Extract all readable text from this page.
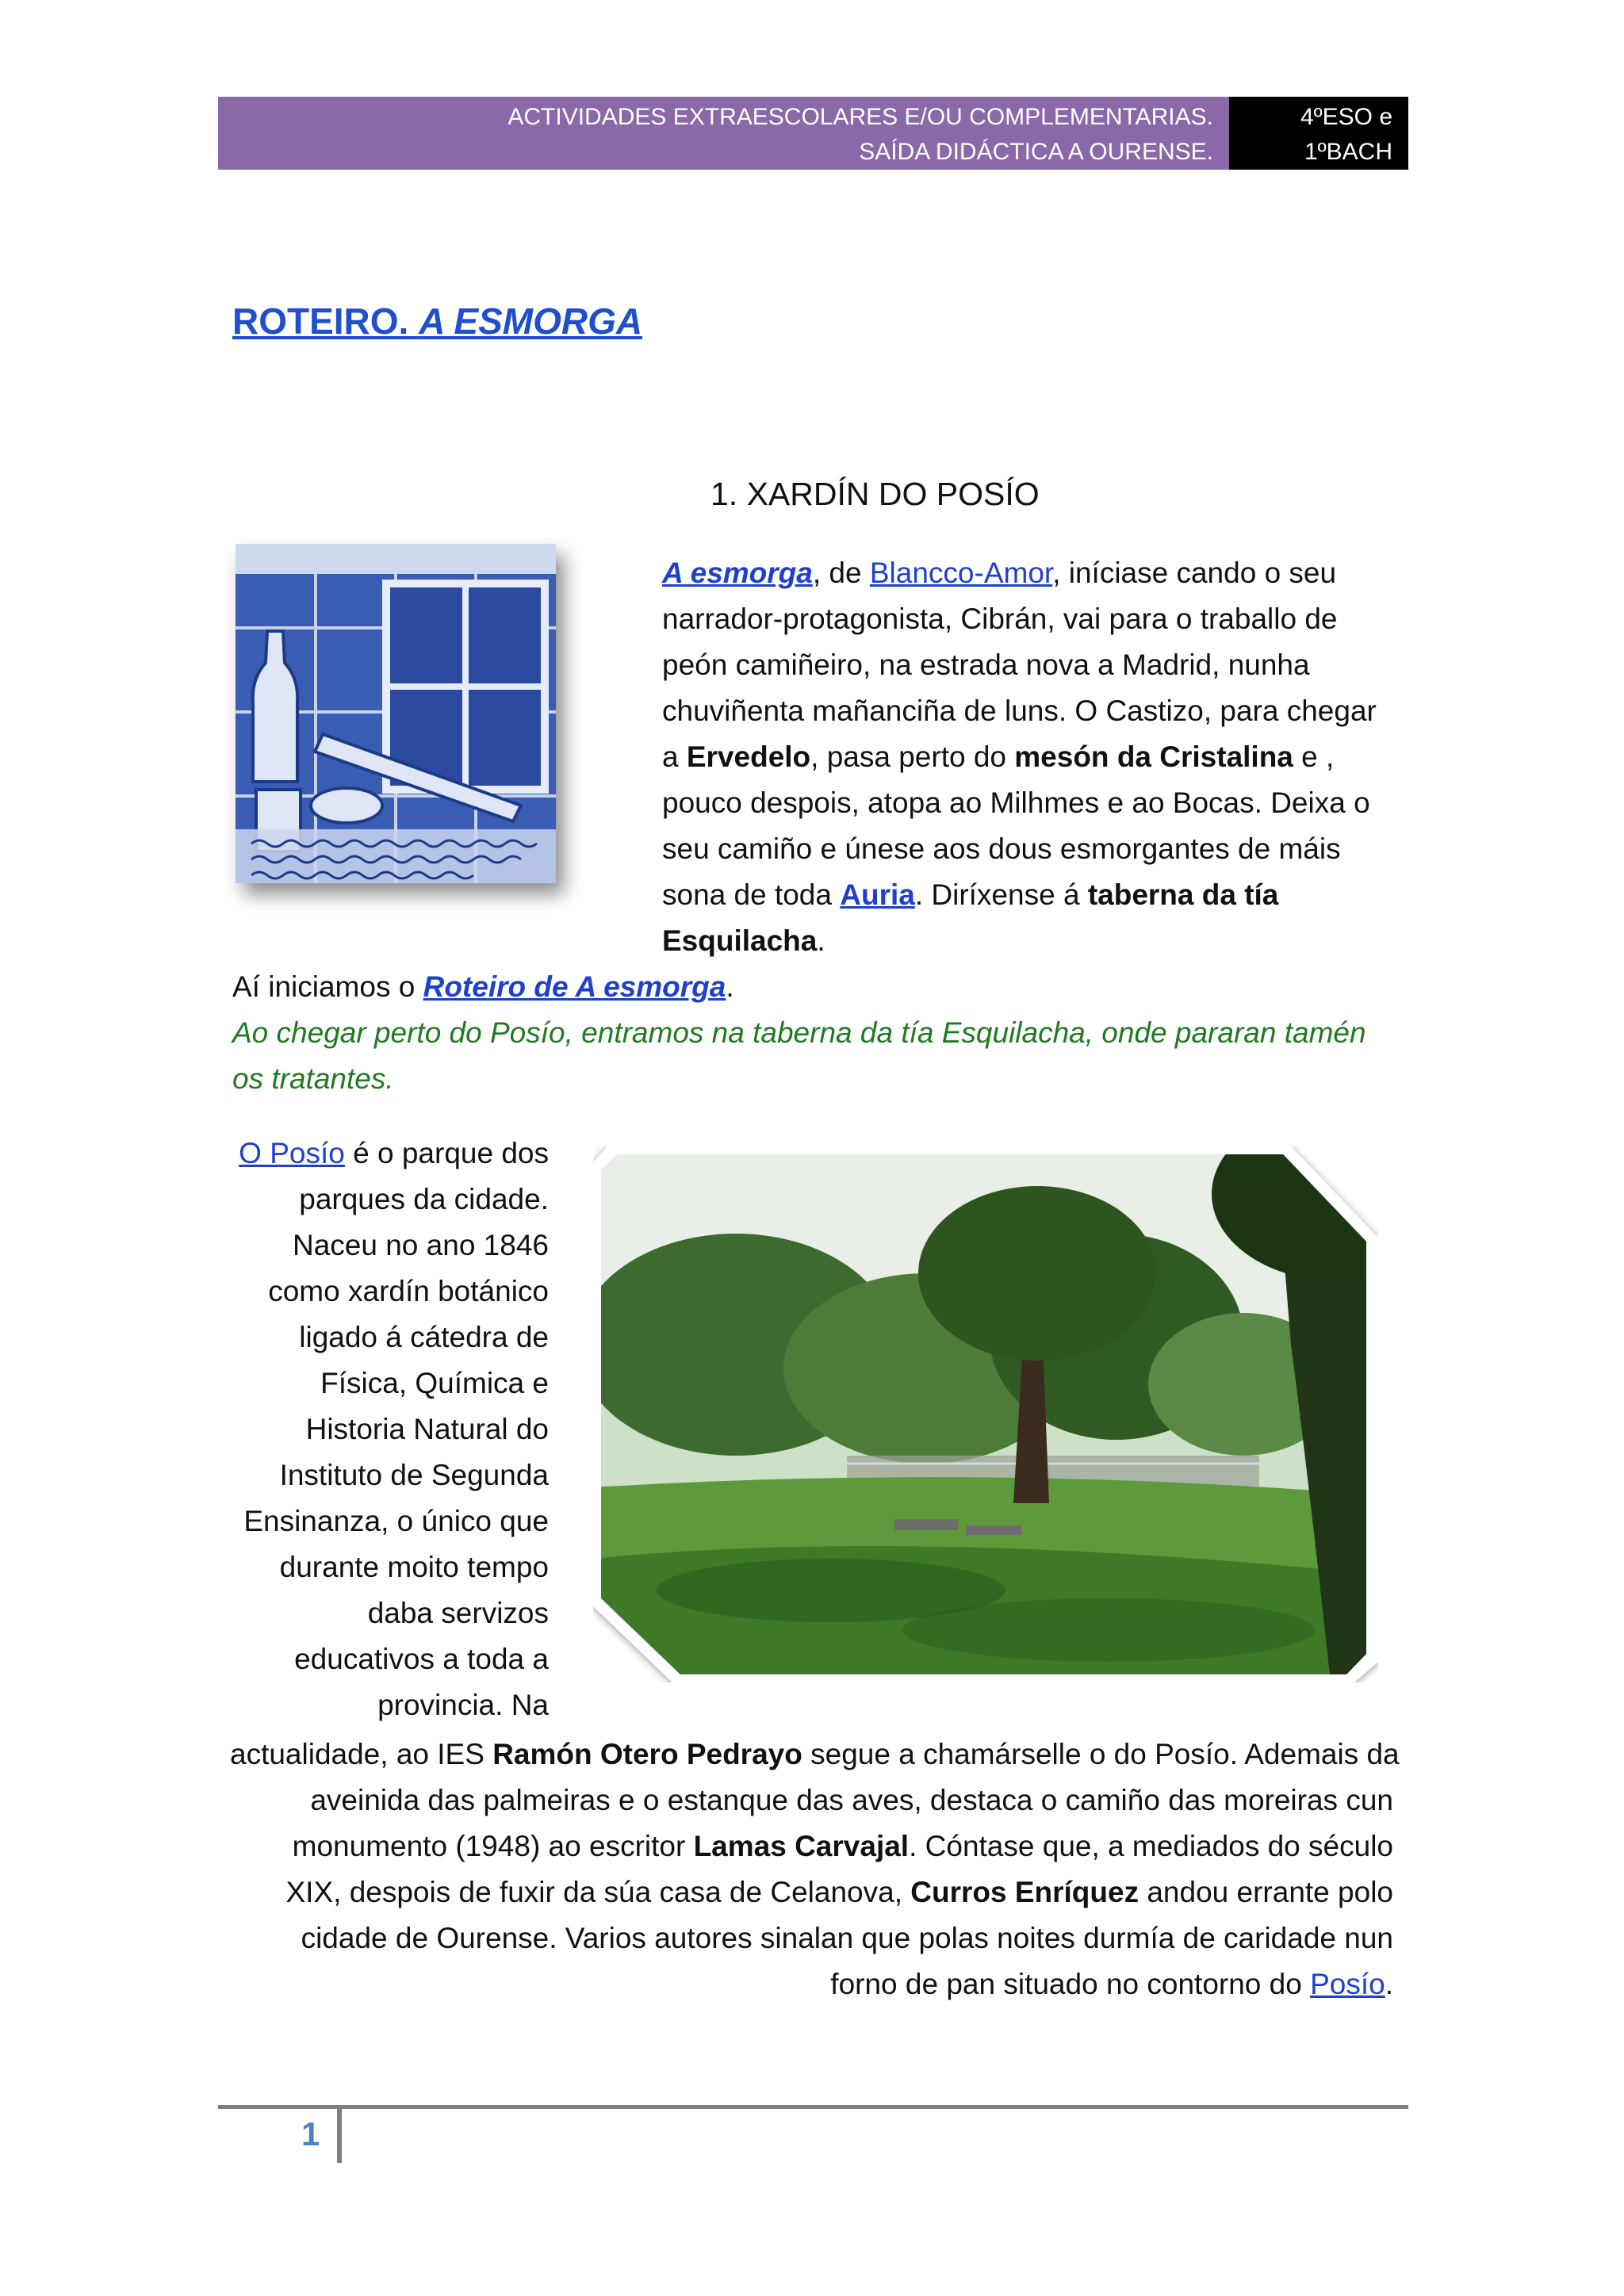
ACTIVIDADES EXTRAESCOLARES E/OU COMPLEMENTARIAS.
SAÍDA DIDÁCTICA A OURENSE.
4ºESO e
1ºBACH
ROTEIRO. A ESMORGA
1. XARDÍN DO POSÍO
A esmorga, de Blancco-Amor, iníciase cando o seu
narrador-protagonista, Cibrán, vai para o traballo de
peón camiñeiro, na estrada nova a Madrid, nunha
chuviñenta mañanciña de luns. O Castizo, para chegar
a Ervedelo, pasa perto do mesón da Cristalina e ,
pouco despois, atopa ao Milhmes e ao Bocas. Deixa o
seu camiño e únese aos dous esmorgantes de máis
sona de toda Auria. Diríxense á taberna da tía
Esquilacha.
Aí iniciamos o Roteiro de A esmorga.
Ao chegar perto do Posío, entramos na taberna da tía Esquilacha, onde pararan tamén
os tratantes.
O Posío é o parque dos
parques da cidade.
Naceu no ano 1846
como xardín botánico
ligado á cátedra de
Física, Química e
Historia Natural do
Instituto de Segunda
Ensinanza, o único que
durante moito tempo
daba servizos
educativos a toda a
provincia. Na
actualidade, ao IES Ramón Otero Pedrayo segue a chamárselle o do Posío. Ademais da
aveinida das palmeiras e o estanque das aves, destaca o camiño das moreiras cun
monumento (1948) ao escritor Lamas Carvajal. Cóntase que, a mediados do século
XIX, despois de fuxir da súa casa de Celanova, Curros Enríquez andou errante polo
cidade de Ourense. Varios autores sinalan que polas noites durmía de caridade nun
forno de pan situado no contorno do Posío.
1
